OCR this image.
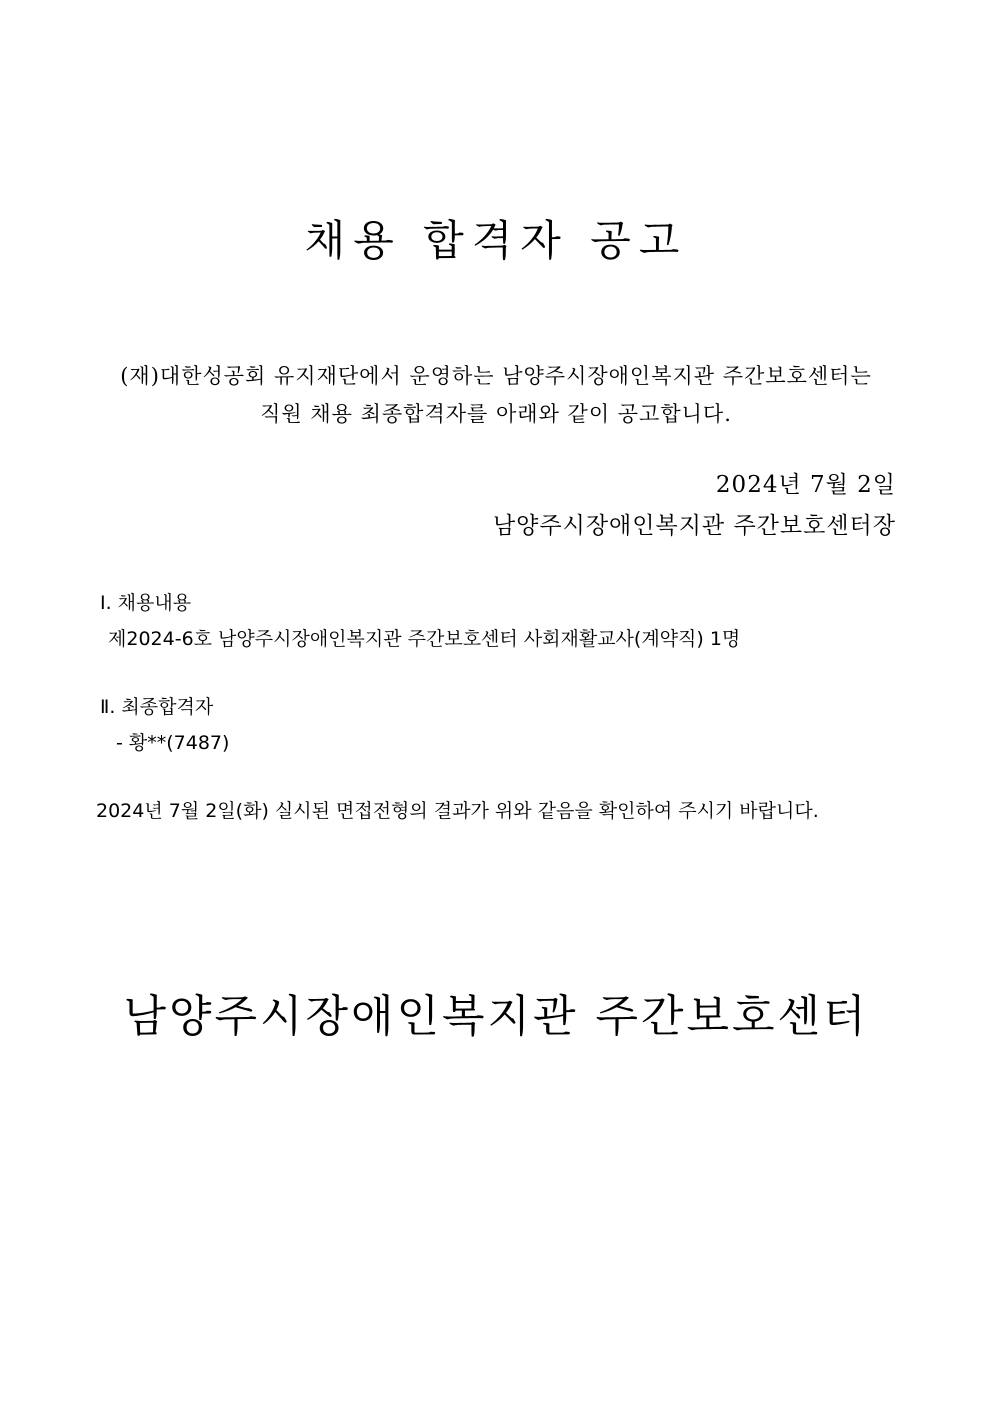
채용 합격자 공고

(재)대한성공회 유지재단에서 운영하는 남양주시장애인복지관 주간보호센터는

직원 채용 최종합격자를 아래와 같이 공고합니다.

2024년 7월 2일

남양주시장애인복지관 주간보호센터장

Ⅰ. 채용내용

제2024-6호 남양주시장애인복지관 주간보호센터 사회재활교사(계약직) 1명

Ⅱ. 최종합격자

- 황**(7487)

2024년 7월 2일(화) 실시된 면접전형의 결과가 위와 같음을 확인하여 주시기 바랍니다.

남양주시장애인복지관 주간보호센터
